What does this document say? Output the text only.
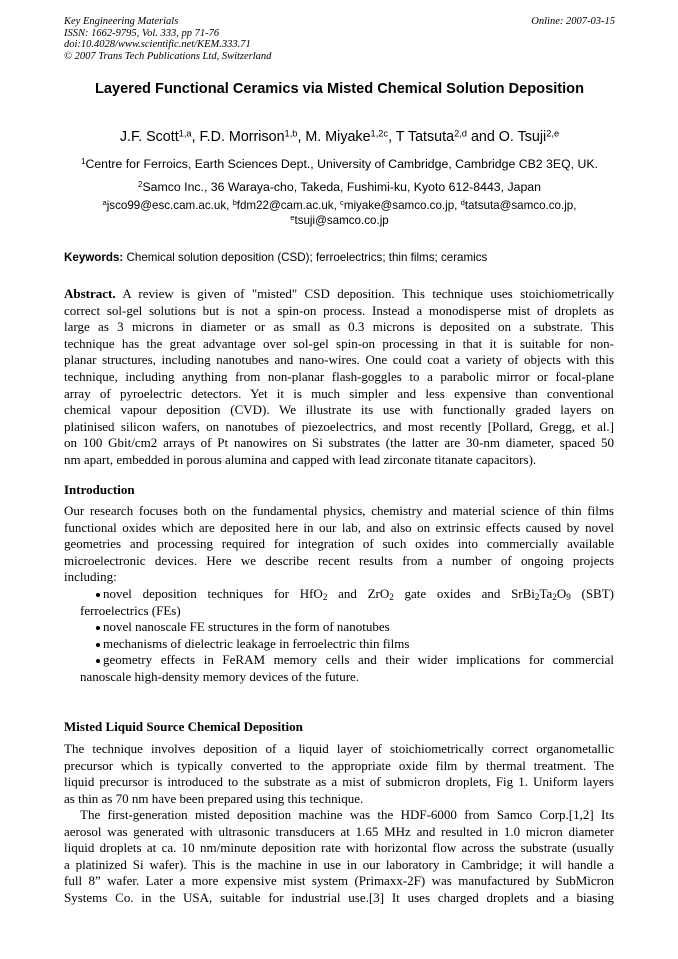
Key Engineering Materials
ISSN: 1662-9795, Vol. 333, pp 71-76
doi:10.4028/www.scientific.net/KEM.333.71
© 2007 Trans Tech Publications Ltd, Switzerland
Online: 2007-03-15
Layered Functional Ceramics via Misted Chemical Solution Deposition
J.F. Scott$^{1,a}$, F.D. Morrison$^{1,b}$, M. Miyake$^{1,2c}$, T Tatsuta$^{2,d}$ and O. Tsuji$^{2,e}$
$^1$Centre for Ferroics, Earth Sciences Dept., University of Cambridge, Cambridge CB2 3EQ, UK.
$^2$Samco Inc., 36 Waraya-cho, Takeda, Fushimi-ku, Kyoto 612-8443, Japan
$^a$jsco99@esc.cam.ac.uk, $^b$fdm22@cam.ac.uk, $^c$miyake@samco.co.jp, $^d$tatsuta@samco.co.jp,
$^e$tsuji@samco.co.jp
Keywords: Chemical solution deposition (CSD); ferroelectrics; thin films; ceramics
Abstract. A review is given of "misted" CSD deposition. This technique uses stoichiometrically
correct sol-gel solutions but is not a spin-on process. Instead a monodisperse mist of droplets as
large as 3 microns in diameter or as small as 0.3 microns is deposited on a substrate. This
technique has the great advantage over sol-gel spin-on processing in that it is suitable for non-
planar structures, including nanotubes and nano-wires. One could coat a variety of objects with this
technique, including anything from non-planar flash-goggles to a parabolic mirror or focal-plane
array of pyroelectric detectors. Yet it is much simpler and less expensive than conventional
chemical vapour deposition (CVD). We illustrate its use with functionally graded layers on
platinised silicon wafers, on nanotubes of piezoelectrics, and most recently [Pollard, Gregg, et al.]
on 100 Gbit/cm2 arrays of Pt nanowires on Si substrates (the latter are 30-nm diameter, spaced 50
nm apart, embedded in porous alumina and capped with lead zirconate titanate capacitors).
Introduction
Our research focuses both on the fundamental physics, chemistry and material science of thin films
functional oxides which are deposited here in our lab, and also on extrinsic effects caused by novel
geometries and processing required for integration of such oxides into commercially available
microelectronic devices. Here we describe recent results from a number of ongoing projects
including:
novel deposition techniques for HfO$_2$ and ZrO$_2$ gate oxides and $SrBi_2Ta_2O_9$ (SBT)
ferroelectrics (FEs)
novel nanoscale FE structures in the form of nanotubes
mechanisms of dielectric leakage in ferroelectric thin films
geometry effects in FeRAM memory cells and their wider implications for commercial
nanoscale high-density memory devices of the future.
Misted Liquid Source Chemical Deposition
The technique involves deposition of a liquid layer of stoichiometrically correct organometallic
precursor which is typically converted to the appropriate oxide film by thermal treatment. The
liquid precursor is introduced to the substrate as a mist of submicron droplets, Fig 1. Uniform layers
as thin as 70 nm have been prepared using this technique.
The first-generation misted deposition machine was the HDF-6000 from Samco Corp.[1,2] Its
aerosol was generated with ultrasonic transducers at 1.65 MHz and resulted in 1.0 micron diameter
liquid droplets at ca. 10 nm/minute deposition rate with horizontal flow across the substrate (usually
a platinized Si wafer). This is the machine in use in our laboratory in Cambridge; it will handle a
full 8” wafer. Later a more expensive mist system (Primaxx-2F) was manufactured by SubMicron
Systems Co. in the USA, suitable for industrial use.[3] It uses charged droplets and a biasing
